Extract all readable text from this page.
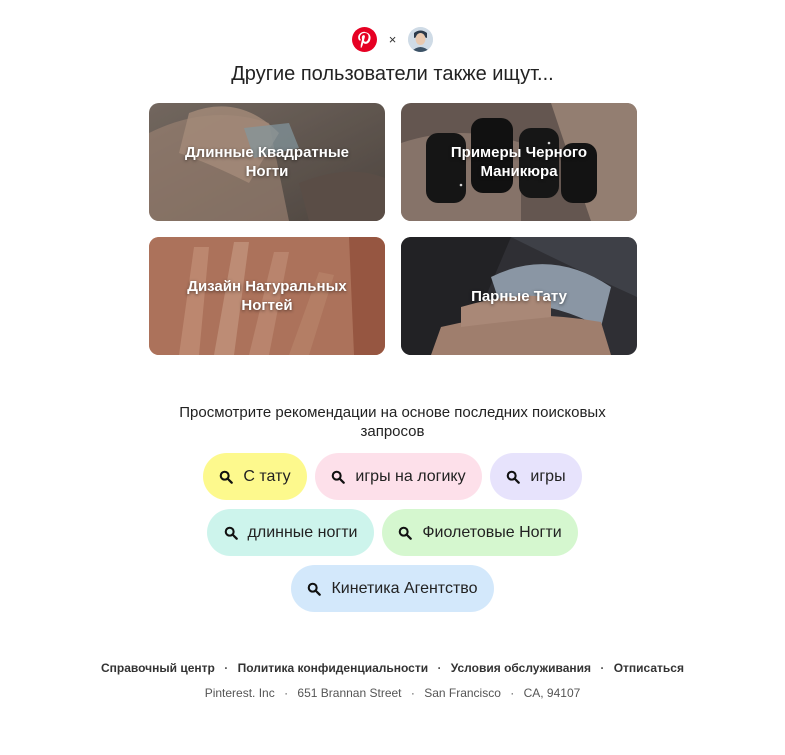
×
Другие пользователи также ищут...
Длинные Квадратные Ногти
Примеры Черного Маникюра
Дизайн Натуральных Ногтей
Парные Тату
Просмотрите рекомендации на основе последних поисковых запросов
С тату	игры на логику	игры
длинные ногти	Фиолетовые Ногти
Кинетика Агентство
Справочный центр · Политика конфиденциальности · Условия обслуживания · Отписаться
Pinterest. Inc · 651 Brannan Street · San Francisco · CA, 94107
